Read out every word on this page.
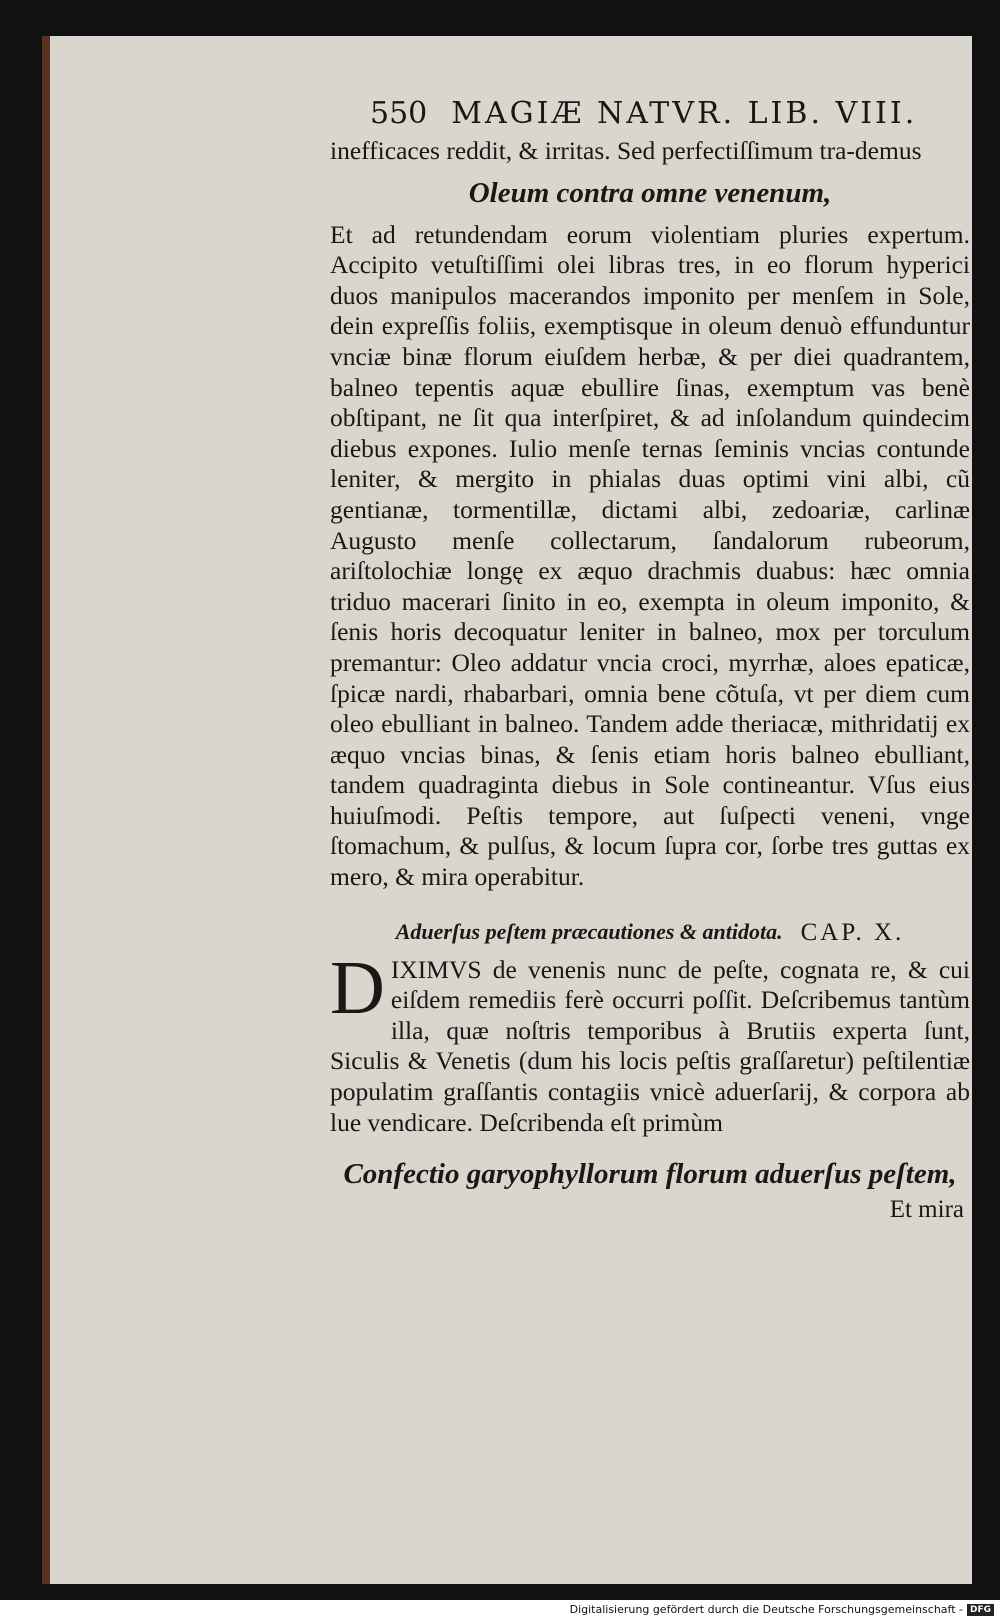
550 MAGIÆ NATVR. LIB. VIII.

inefficaces reddit, & irritas. Sed perfectiſſimum tra-demus

Oleum contra omne venenum,

Et ad retundendam eorum violentiam pluries expertum. Accipito vetuſtiſſimi olei libras tres, in eo florum hyperici duos manipulos macerandos imponito per menſem in Sole, dein expreſſis foliis, exemptisque in oleum denuò effunduntur vnciæ binæ florum eiuſdem herbæ, & per diei quadrantem, balneo tepentis aquæ ebullire ſinas, exemptum vas benè obſtipant, ne ſit qua interſpiret, & ad inſolandum quindecim diebus expones. Iulio menſe ternas ſeminis vncias contunde leniter, & mergito in phialas duas optimi vini albi, cũ gentianæ, tormentillæ, dictami albi, zedoariæ, carlinæ Augusto menſe collectarum, ſandalorum rubeorum, ariſtolochiæ longę ex æquo drachmis duabus: hæc omnia triduo macerari ſinito in eo, exempta in oleum imponito, & ſenis horis decoquatur leniter in balneo, mox per torculum premantur: Oleo addatur vncia croci, myrrhæ, aloes epaticæ, ſpicæ nardi, rhabarbari, omnia bene cõtuſa, vt per diem cum oleo ebulliant in balneo. Tandem adde theriacæ, mithridatij ex æquo vncias binas, & ſenis etiam horis balneo ebulliant, tandem quadraginta diebus in Sole contineantur. Vſus eius huiuſmodi. Peſtis tempore, aut ſuſpecti veneni, vnge ſtomachum, & pulſus, & locum ſupra cor, ſorbe tres guttas ex mero, & mira operabitur.

Aduerſus peſtem præcautiones & antidota. CAP. X.
D IXIMVS de venenis nunc de peſte, cognata re, & cui eiſdem remediis ferè occurri poſſit. Deſcribemus tantùm illa, quæ noſtris temporibus à Brutiis experta ſunt, Siculis & Venetis (dum his locis peſtis graſſaretur) peſtilentiæ populatim graſſantis contagiis vnicè aduerſarij, & corpora ab lue vendicare. Deſcribenda eſt primùm

Confectio garyophyllorum florum aduerſus peſtem,
Et mira
Digitalisierung gefördert durch die Deutsche Forschungsgemeinschaft - DFG
